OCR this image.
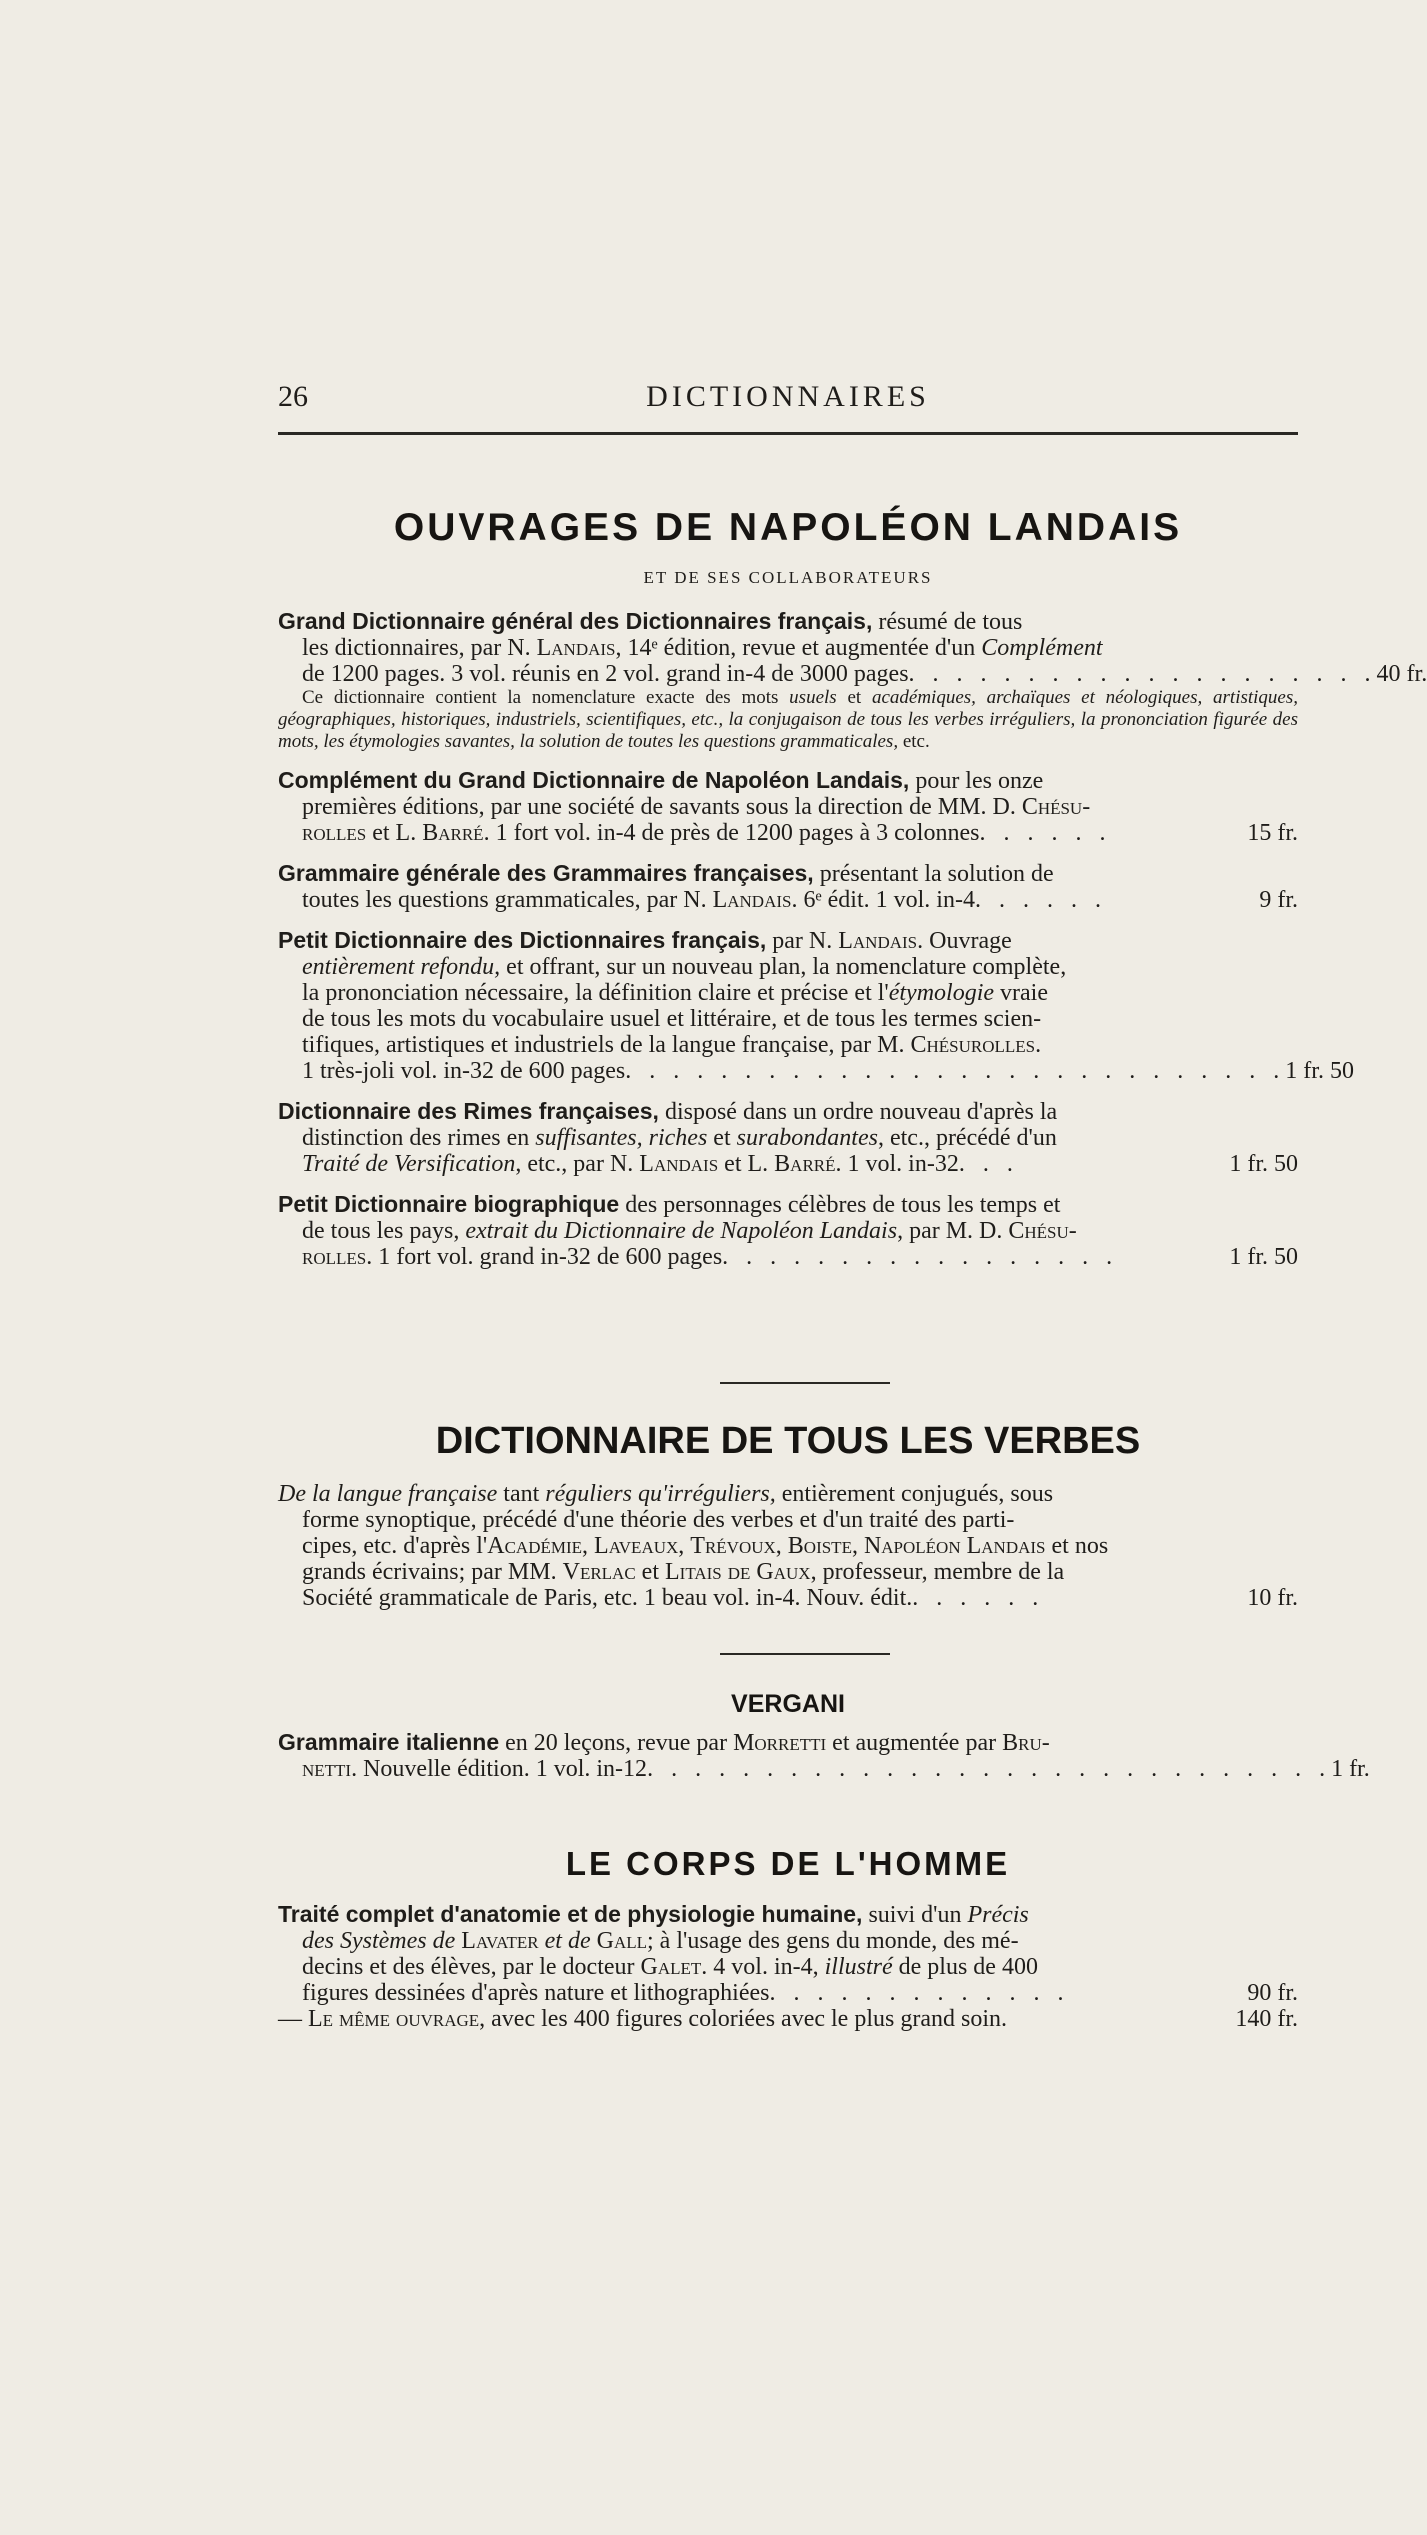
26	DICTIONNAIRES
OUVRAGES DE NAPOLÉON LANDAIS
ET DE SES COLLABORATEURS

Grand Dictionnaire général des Dictionnaires français, résumé de tous

les dictionnaires, par N. Landais, 14ᵉ édition, revue et augmentée d'un Complément

de 1200 pages. 3 vol. réunis en 2 vol. grand in-4 de 3000 pages . . . . . . . . . . . . . . . . . . . . 40 fr.

Ce dictionnaire contient la nomenclature exacte des mots usuels et académiques, archaïques et néologiques, artistiques, géographiques, historiques, industriels, scientifiques, etc., la conjugaison de tous les verbes irréguliers, la prononciation figurée des mots, les étymologies savantes, la solution de toutes les questions grammaticales, etc.

Complément du Grand Dictionnaire de Napoléon Landais, pour les onze

premières éditions, par une société de savants sous la direction de MM. D. Chésu-

rolles et L. Barré. 1 fort vol. in-4 de près de 1200 pages à 3 colonnes . . . . . .	15 fr.

Grammaire générale des Grammaires françaises, présentant la solution de

toutes les questions grammaticales, par N. Landais. 6ᵉ édit. 1 vol. in-4 . . . . . .	9 fr.

Petit Dictionnaire des Dictionnaires français, par N. Landais. Ouvrage

entièrement refondu, et offrant, sur un nouveau plan, la nomenclature complète,

la prononciation nécessaire, la définition claire et précise et l'étymologie vraie

de tous les mots du vocabulaire usuel et littéraire, et de tous les termes scien-

tifiques, artistiques et industriels de la langue française, par M. Chésurolles.

1 très-joli vol. in-32 de 600 pages . . . . . . . . . . . . . . . . . . . . . . . . . . . . 1 fr. 50

Dictionnaire des Rimes françaises, disposé dans un ordre nouveau d'après la

distinction des rimes en suffisantes, riches et surabondantes, etc., précédé d'un

Traité de Versification, etc., par N. Landais et L. Barré. 1 vol. in-32 . . .	1 fr. 50

Petit Dictionnaire biographique des personnages célèbres de tous les temps et

de tous les pays, extrait du Dictionnaire de Napoléon Landais, par M. D. Chésu-

rolles. 1 fort vol. grand in-32 de 600 pages . . . . . . . . . . . . . . . . .	1 fr. 50
DICTIONNAIRE DE TOUS LES VERBES

De la langue française tant réguliers qu'irréguliers, entièrement conjugués, sous

forme synoptique, précédé d'une théorie des verbes et d'un traité des parti-

cipes, etc. d'après l'Académie, Laveaux, Trévoux, Boiste, Napoléon Landais et nos

grands écrivains; par MM. Verlac et Litais de Gaux, professeur, membre de la

Société grammaticale de Paris, etc. 1 beau vol. in-4. Nouv. édit. . . . . . .	10 fr.
VERGANI

Grammaire italienne en 20 leçons, revue par Morretti et augmentée par Bru-

netti. Nouvelle édition. 1 vol. in-12 . . . . . . . . . . . . . . . . . . . . . . . . . . . . . 1 fr.
LE CORPS DE L'HOMME

Traité complet d'anatomie et de physiologie humaine, suivi d'un Précis

des Systèmes de Lavater et de Gall; à l'usage des gens du monde, des mé-

decins et des élèves, par le docteur Galet. 4 vol. in-4, illustré de plus de 400

figures dessinées d'après nature et lithographiées . . . . . . . . . . . . .	90 fr.
— Le même ouvrage, avec les 400 figures coloriées avec le plus grand soin.	140 fr.
